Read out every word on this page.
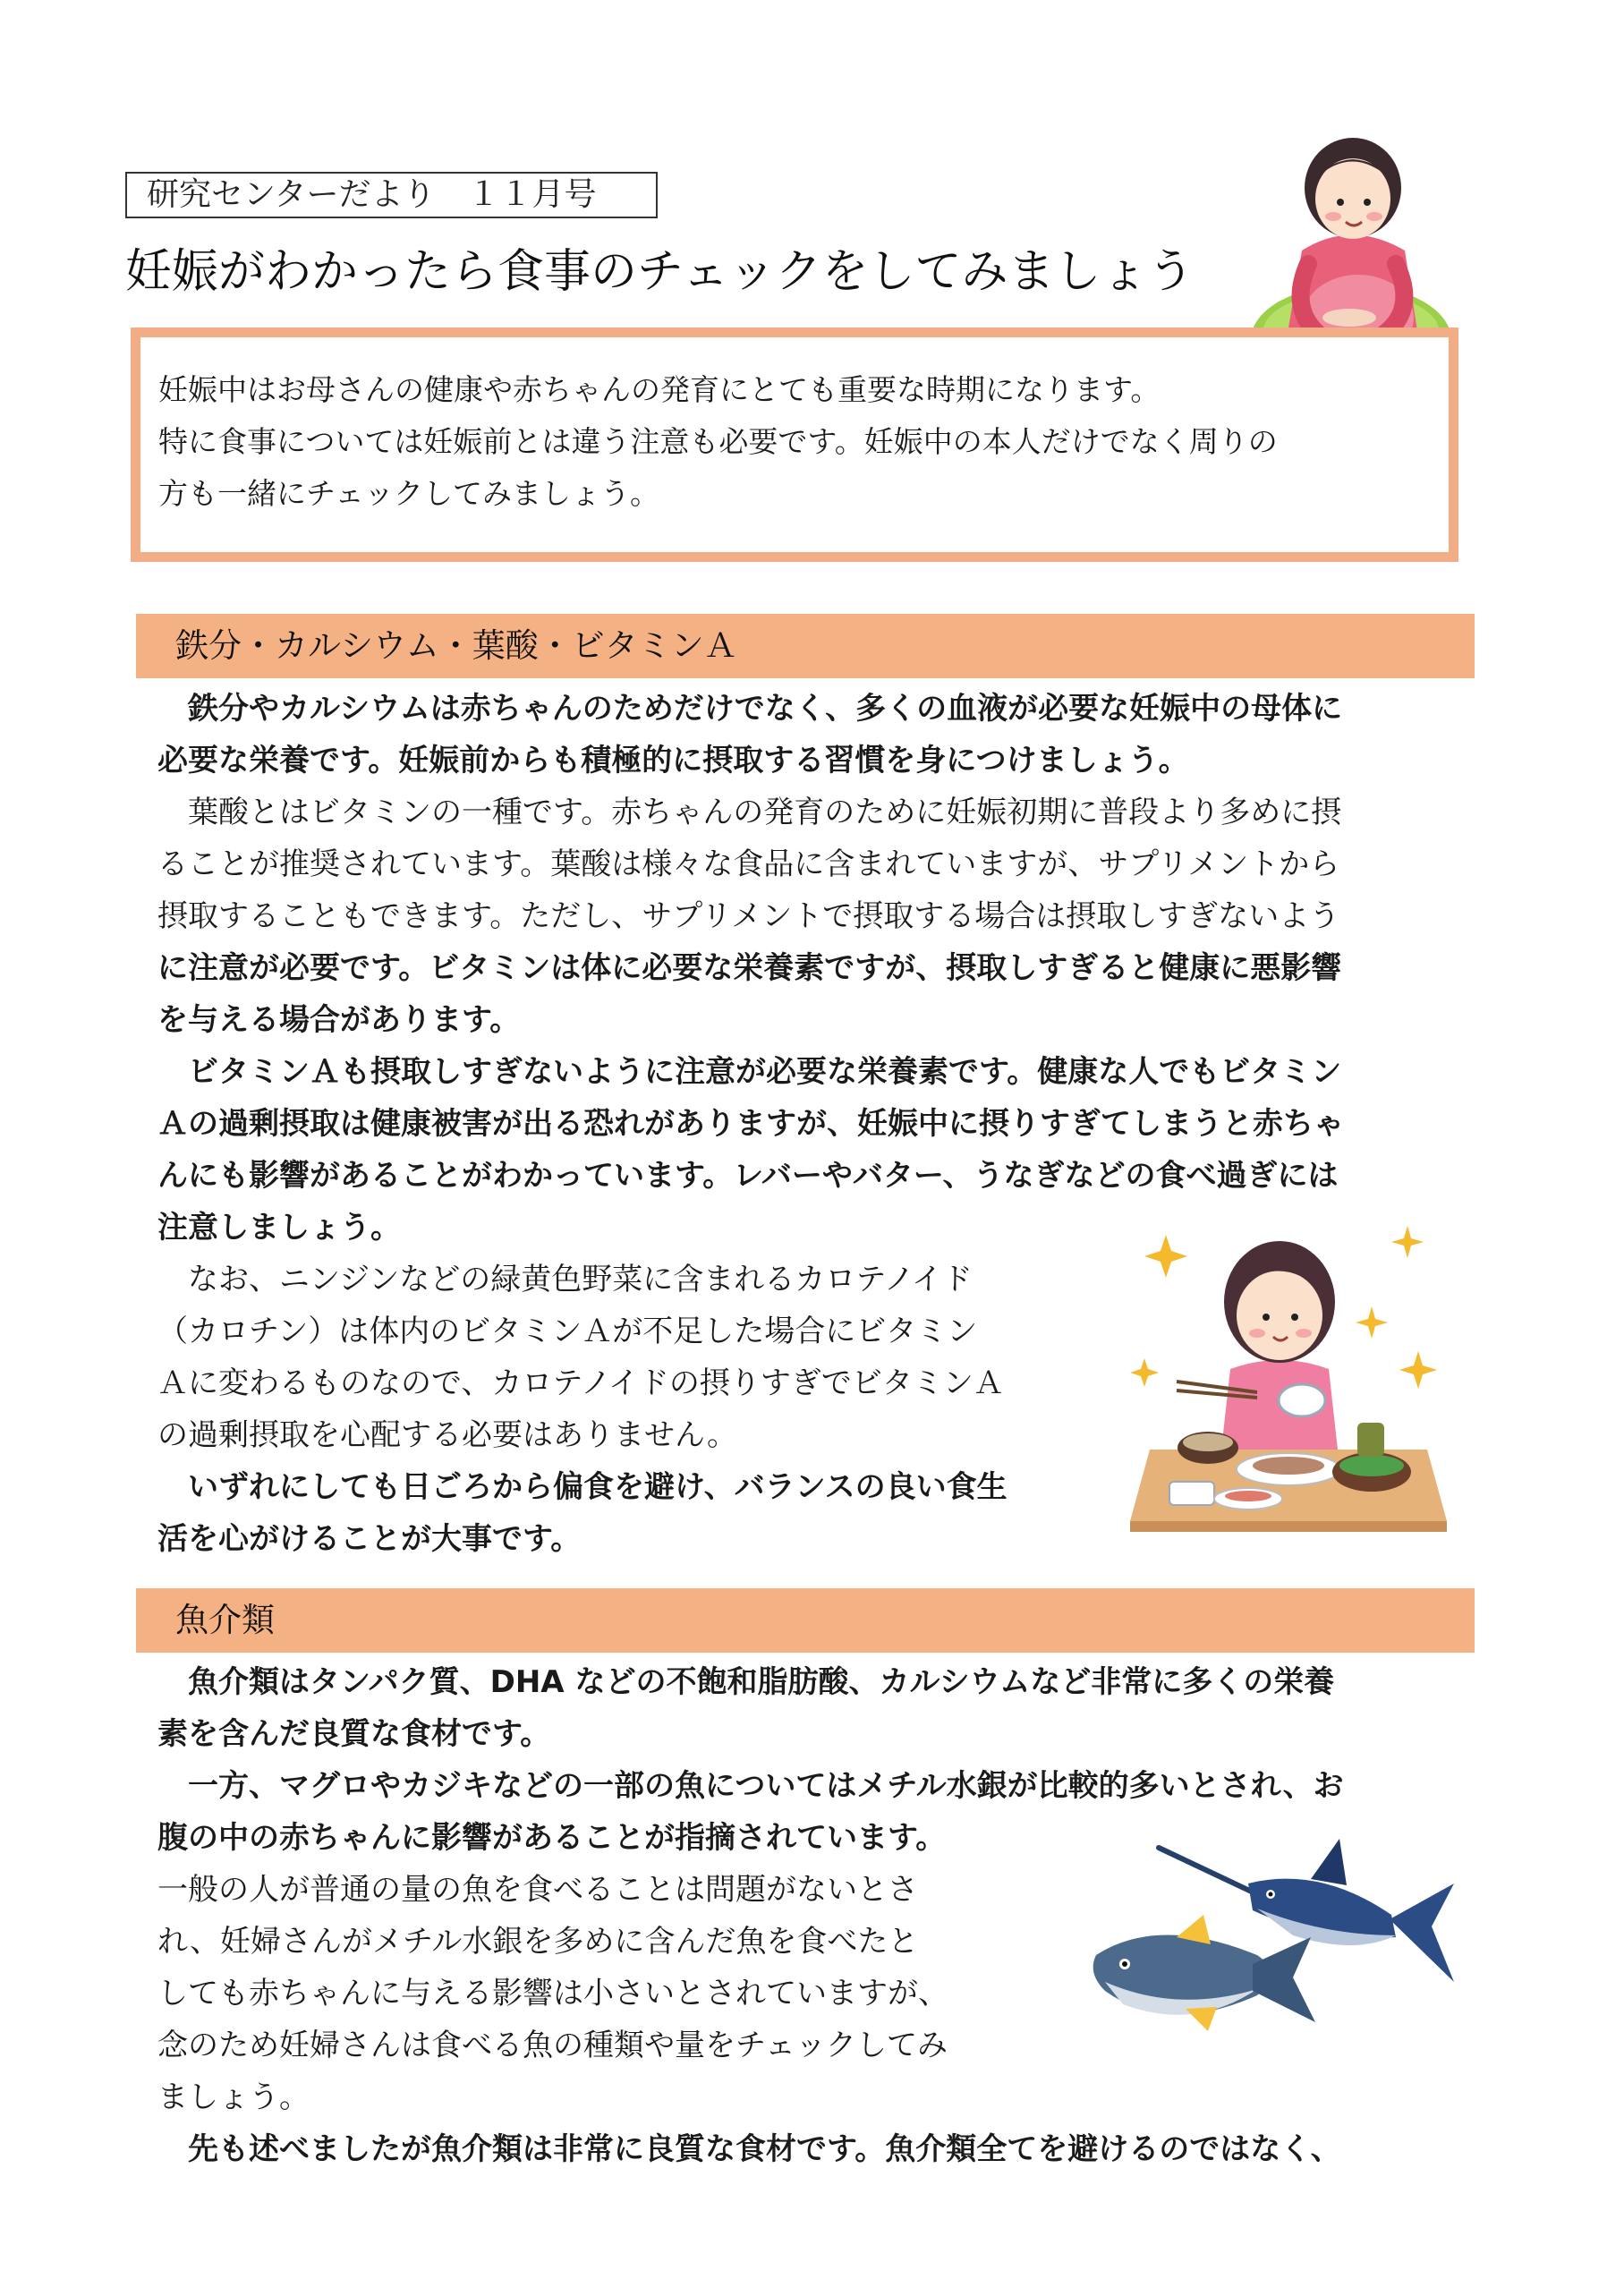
研究センターだより　１１月号
妊娠がわかったら食事のチェックをしてみましょう
妊娠中はお母さんの健康や赤ちゃんの発育にとても重要な時期になります。
特に食事については妊娠前とは違う注意も必要です。妊娠中の本人だけでなく周りの
方も一緒にチェックしてみましょう。
鉄分・カルシウム・葉酸・ビタミンＡ
鉄分やカルシウムは赤ちゃんのためだけでなく、多くの血液が必要な妊娠中の母体に
必要な栄養です。妊娠前からも積極的に摂取する習慣を身につけましょう。
葉酸とはビタミンの一種です。赤ちゃんの発育のために妊娠初期に普段より多めに摂
ることが推奨されています。葉酸は様々な食品に含まれていますが、サプリメントから
摂取することもできます。ただし、サプリメントで摂取する場合は摂取しすぎないよう
に注意が必要です。ビタミンは体に必要な栄養素ですが、摂取しすぎると健康に悪影響
を与える場合があります。
ビタミンＡも摂取しすぎないように注意が必要な栄養素です。健康な人でもビタミン
Ａの過剰摂取は健康被害が出る恐れがありますが、妊娠中に摂りすぎてしまうと赤ちゃ
んにも影響があることがわかっています。レバーやバター、うなぎなどの食べ過ぎには
注意しましょう。
なお、ニンジンなどの緑黄色野菜に含まれるカロテノイド
（カロチン）は体内のビタミンＡが不足した場合にビタミン
Ａに変わるものなので、カロテノイドの摂りすぎでビタミンＡ
の過剰摂取を心配する必要はありません。
いずれにしても日ごろから偏食を避け、バランスの良い食生
活を心がけることが大事です。
魚介類
魚介類はタンパク質、DHA などの不飽和脂肪酸、カルシウムなど非常に多くの栄養
素を含んだ良質な食材です。
一方、マグロやカジキなどの一部の魚についてはメチル水銀が比較的多いとされ、お
腹の中の赤ちゃんに影響があることが指摘されています。
一般の人が普通の量の魚を食べることは問題がないとさ
れ、妊婦さんがメチル水銀を多めに含んだ魚を食べたと
しても赤ちゃんに与える影響は小さいとされていますが、
念のため妊婦さんは食べる魚の種類や量をチェックしてみ
ましょう。
先も述べましたが魚介類は非常に良質な食材です。魚介類全てを避けるのではなく、
